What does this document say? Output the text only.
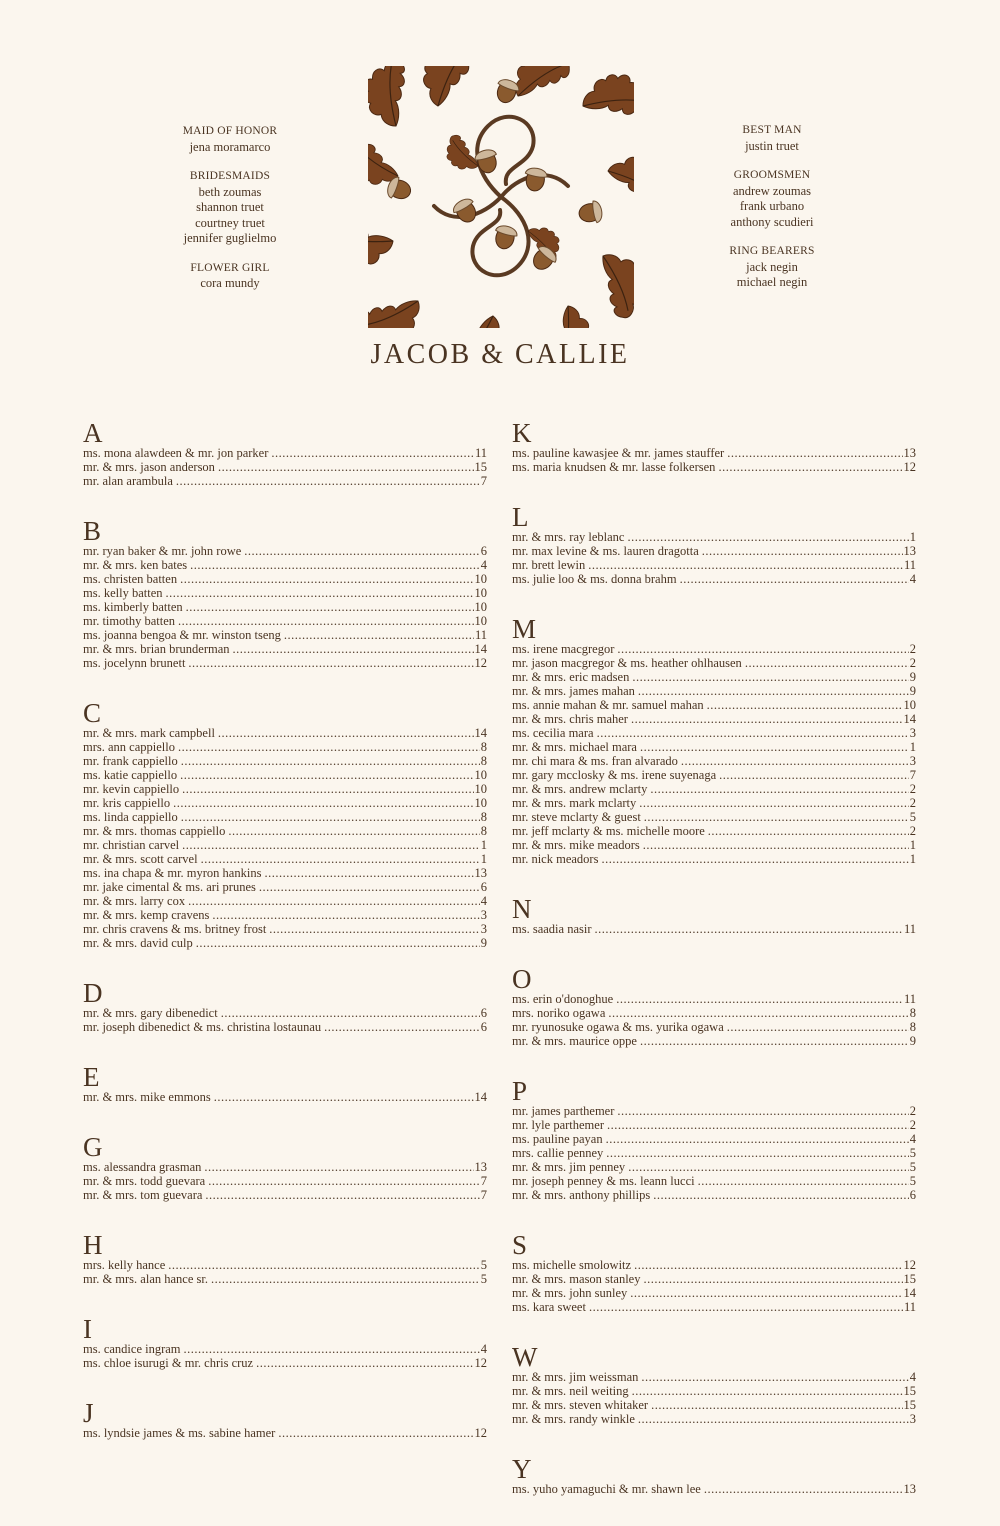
MAID OF HONOR
jena moramarco
BRIDESMAIDS
beth zoumas
shannon truet
courtney truet
jennifer guglielmo
FLOWER GIRL
cora mundy
BEST MAN
justin truet
GROOMSMEN
andrew zoumas
frank urbano
anthony scudieri
RING BEARERS
jack negin
michael negin
JACOB & CALLIE
A
ms. mona alawdeen & mr. jon parker .....	11
mr. & mrs. jason anderson .....	15
mr. alan arambula .....	7
B
mr. ryan baker & mr. john rowe .....	6
mr. & mrs. ken bates .....	4
ms. christen batten .....	10
ms. kelly batten .....	10
ms. kimberly batten .....	10
mr. timothy batten .....	10
ms. joanna bengoa & mr. winston tseng .....	11
mr. & mrs. brian brunderman .....	14
ms. jocelynn brunett .....	12
C
mr. & mrs. mark campbell .....	14
mrs. ann cappiello .....	8
mr. frank cappiello .....	8
ms. katie cappiello .....	10
mr. kevin cappiello .....	10
mr. kris cappiello .....	10
ms. linda cappiello .....	8
mr. & mrs. thomas cappiello .....	8
mr. christian carvel .....	1
mr. & mrs. scott carvel .....	1
ms. ina chapa & mr. myron hankins .....	13
mr. jake cimental & ms. ari prunes .....	6
mr. & mrs. larry cox .....	4
mr. & mrs. kemp cravens .....	3
mr. chris cravens & ms. britney frost .....	3
mr. & mrs. david culp .....	9
D
mr. & mrs. gary dibenedict .....	6
mr. joseph dibenedict & ms. christina lostaunau .....	6
E
mr. & mrs. mike emmons .....	14
G
ms. alessandra grasman .....	13
mr. & mrs. todd guevara .....	7
mr. & mrs. tom guevara .....	7
H
mrs. kelly hance .....	5
mr. & mrs. alan hance sr. .....	5
I
ms. candice ingram .....	4
ms. chloe isurugi & mr. chris cruz .....	12
J
ms. lyndsie james & ms. sabine hamer .....	12
K
ms. pauline kawasjee & mr. james stauffer .....	13
ms. maria knudsen & mr. lasse folkersen .....	12
L
mr. & mrs. ray leblanc .....	1
mr. max levine & ms. lauren dragotta .....	13
mr. brett lewin .....	11
ms. julie loo & ms. donna brahm .....	4
M
ms. irene macgregor .....	2
mr. jason macgregor & ms. heather ohlhausen .....	2
mr. & mrs. eric madsen .....	9
mr. & mrs. james mahan .....	9
ms. annie mahan & mr. samuel mahan .....	10
mr. & mrs. chris maher .....	14
ms. cecilia mara .....	3
mr. & mrs. michael mara .....	1
mr. chi mara & ms. fran alvarado .....	3
mr. gary mcclosky & ms. irene suyenaga .....	7
mr. & mrs. andrew mclarty .....	2
mr. & mrs. mark mclarty .....	2
mr. steve mclarty & guest .....	5
mr. jeff mclarty & ms. michelle moore .....	2
mr. & mrs. mike meadors .....	1
mr. nick meadors .....	1
N
ms. saadia nasir .....	11
O
ms. erin o'donoghue .....	11
mrs. noriko ogawa .....	8
mr. ryunosuke ogawa & ms. yurika ogawa .....	8
mr. & mrs. maurice oppe .....	9
P
mr. james parthemer .....	2
mr. lyle parthemer .....	2
ms. pauline payan .....	4
mrs. callie penney .....	5
mr. & mrs. jim penney .....	5
mr. joseph penney & ms. leann lucci .....	5
mr. & mrs. anthony phillips .....	6
S
ms. michelle smolowitz .....	12
mr. & mrs. mason stanley .....	15
mr. & mrs. john sunley .....	14
ms. kara sweet .....	11
W
mr. & mrs. jim weissman .....	4
mr. & mrs. neil weiting .....	15
mr. & mrs. steven whitaker .....	15
mr. & mrs. randy winkle .....	3
Y
ms. yuho yamaguchi & mr. shawn lee .....	13
